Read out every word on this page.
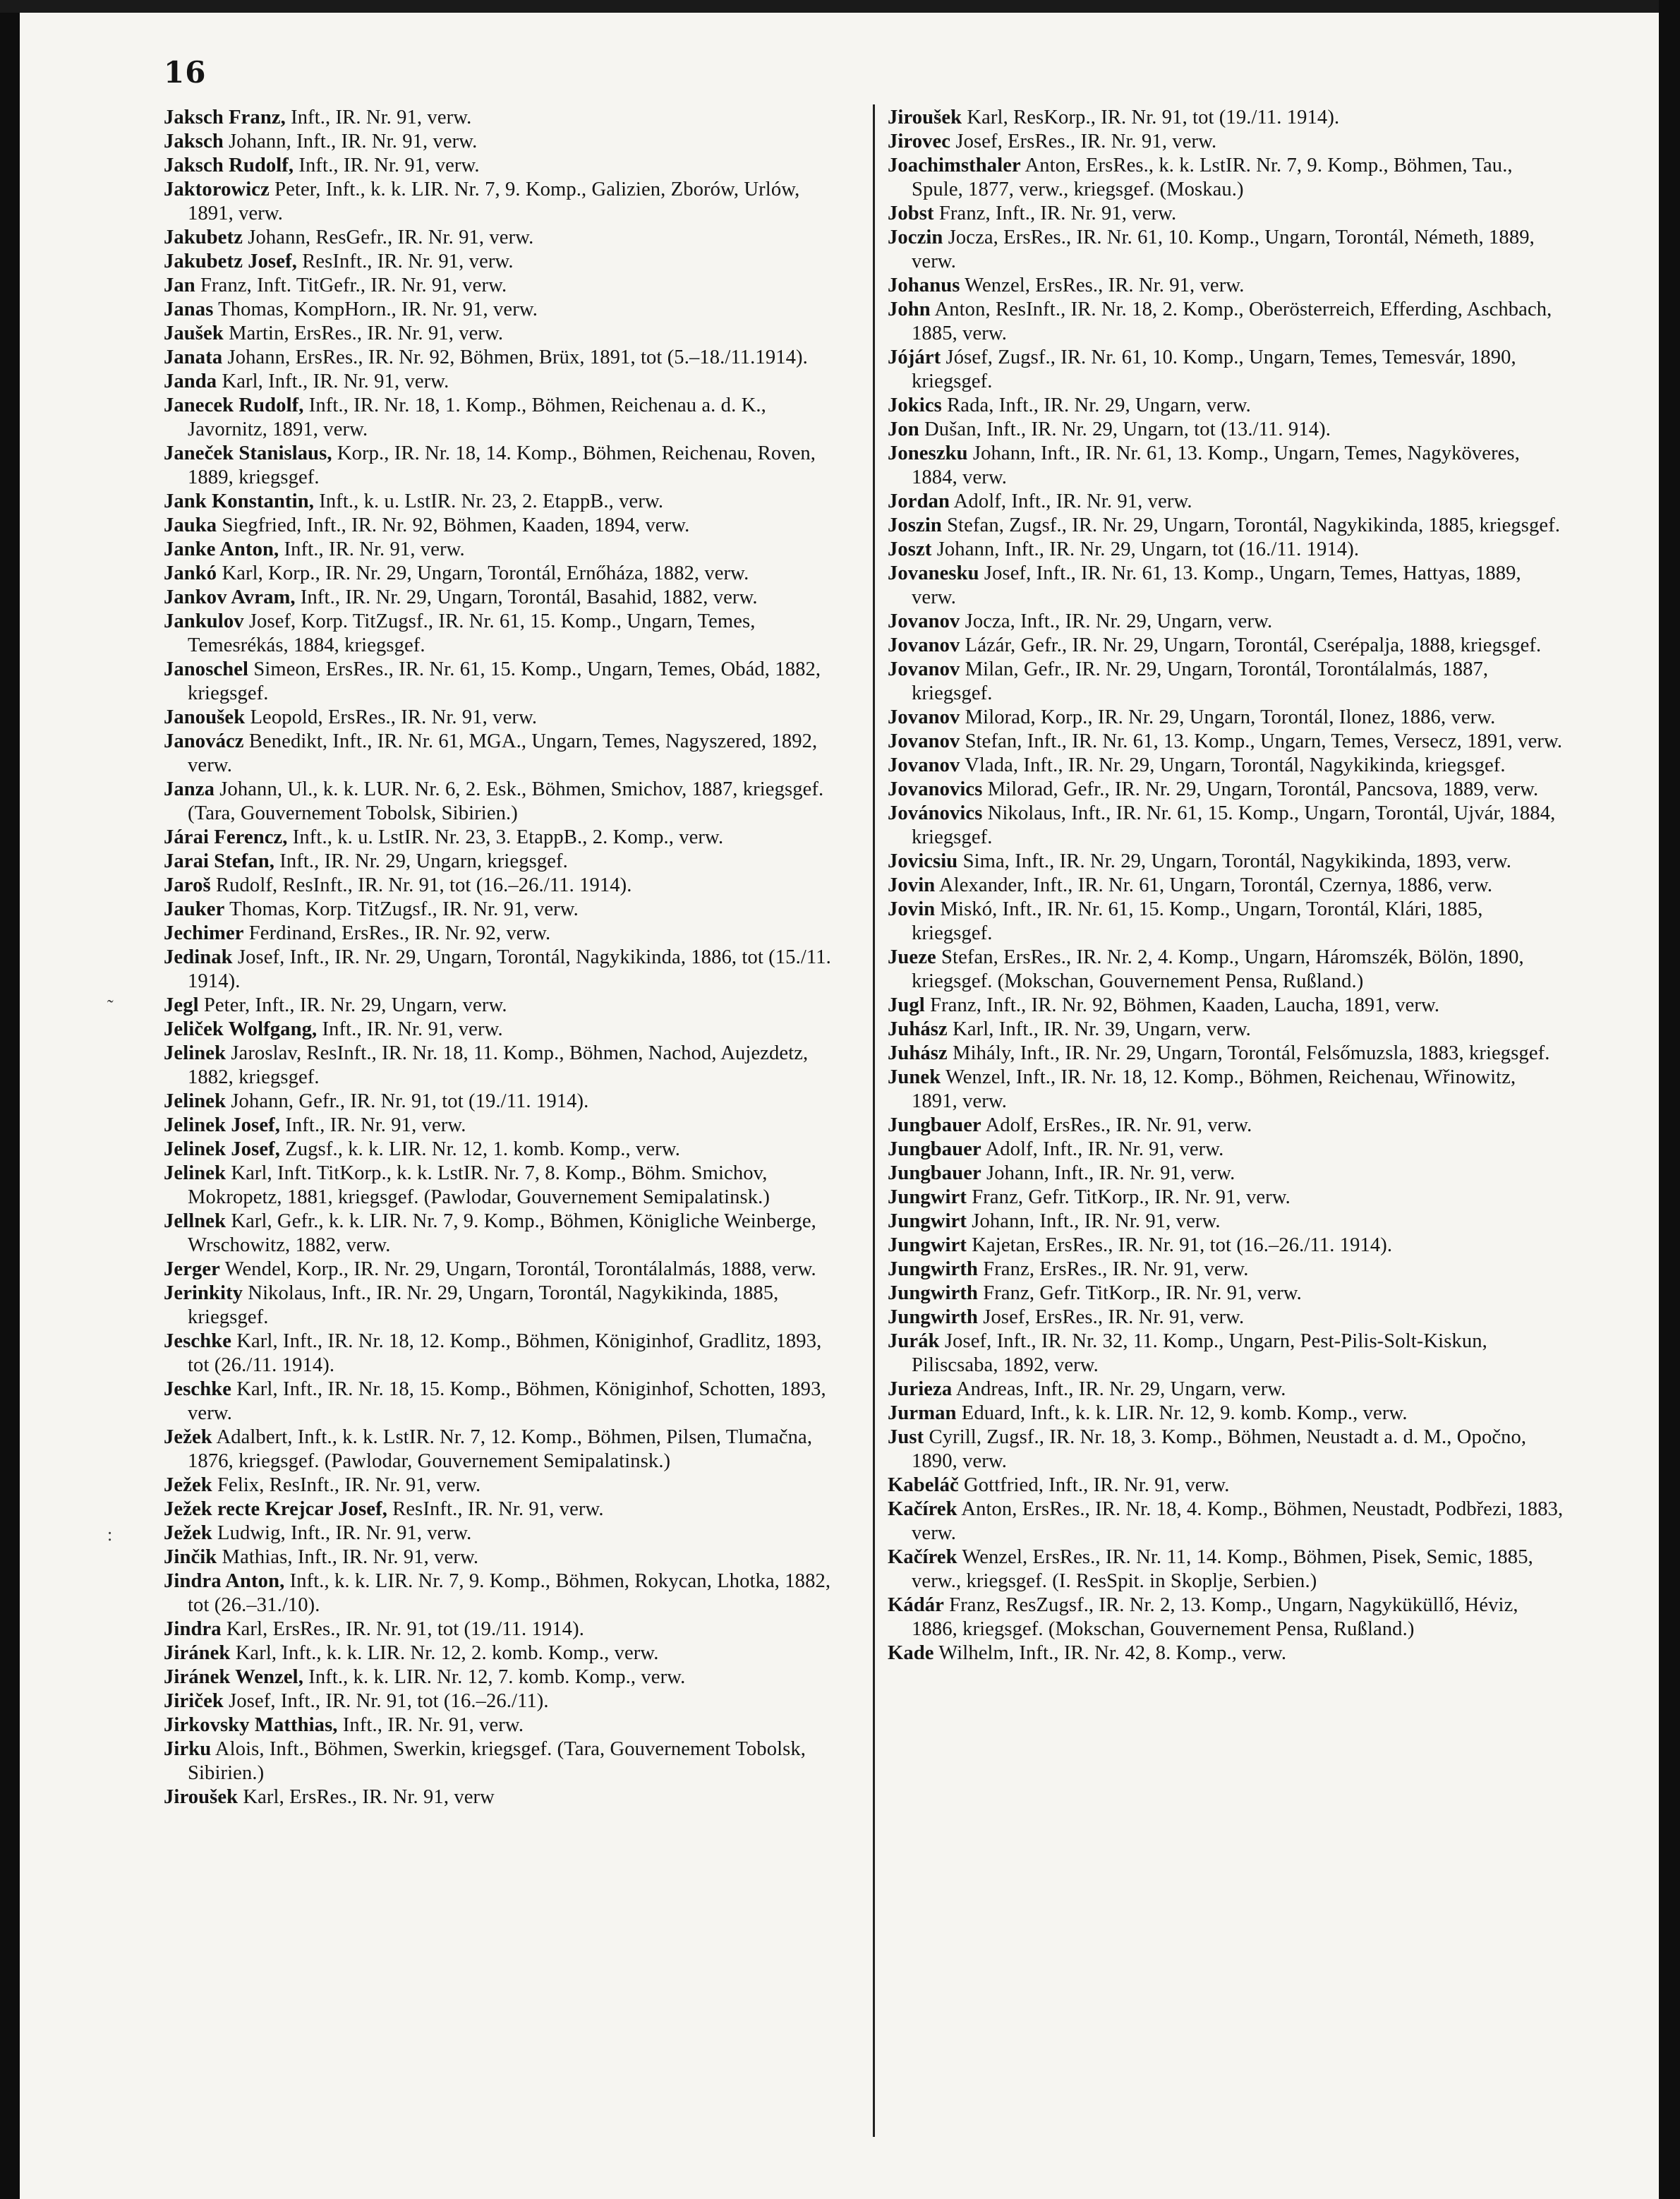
16

Jaksch Franz, Inft., IR. Nr. 91, verw.

Jaksch Johann, Inft., IR. Nr. 91, verw.

Jaksch Rudolf, Inft., IR. Nr. 91, verw.

Jaktorowicz Peter, Inft., k. k. LIR. Nr. 7, 9. Komp., Galizien, Zborów, Urlów, 1891, verw.

Jakubetz Johann, ResGefr., IR. Nr. 91, verw.

Jakubetz Josef, ResInft., IR. Nr. 91, verw.

Jan Franz, Inft. TitGefr., IR. Nr. 91, verw.

Janas Thomas, KompHorn., IR. Nr. 91, verw.

Jaušek Martin, ErsRes., IR. Nr. 91, verw.

Janata Johann, ErsRes., IR. Nr. 92, Böhmen, Brüx, 1891, tot (5.–18./11.1914).

Janda Karl, Inft., IR. Nr. 91, verw.

Janecek Rudolf, Inft., IR. Nr. 18, 1. Komp., Böhmen, Reichenau a. d. K., Javornitz, 1891, verw.

Janeček Stanislaus, Korp., IR. Nr. 18, 14. Komp., Böhmen, Reichenau, Roven, 1889, kriegsgef.

Jank Konstantin, Inft., k. u. LstIR. Nr. 23, 2. EtappB., verw.

Jauka Siegfried, Inft., IR. Nr. 92, Böhmen, Kaaden, 1894, verw.

Janke Anton, Inft., IR. Nr. 91, verw.

Jankó Karl, Korp., IR. Nr. 29, Ungarn, Torontál, Ernőháza, 1882, verw.

Jankov Avram, Inft., IR. Nr. 29, Ungarn, Torontál, Basahid, 1882, verw.

Jankulov Josef, Korp. TitZugsf., IR. Nr. 61, 15. Komp., Ungarn, Temes, Temesrékás, 1884, kriegsgef.

Janoschel Simeon, ErsRes., IR. Nr. 61, 15. Komp., Ungarn, Temes, Obád, 1882, kriegsgef.

Janoušek Leopold, ErsRes., IR. Nr. 91, verw.

Janovácz Benedikt, Inft., IR. Nr. 61, MGA., Ungarn, Temes, Nagyszered, 1892, verw.

Janza Johann, Ul., k. k. LUR. Nr. 6, 2. Esk., Böhmen, Smichov, 1887, kriegsgef. (Tara, Gouvernement Tobolsk, Sibirien.)

Járai Ferencz, Inft., k. u. LstIR. Nr. 23, 3. EtappB., 2. Komp., verw.

Jarai Stefan, Inft., IR. Nr. 29, Ungarn, kriegsgef.

Jaroš Rudolf, ResInft., IR. Nr. 91, tot (16.–26./11. 1914).

Jauker Thomas, Korp. TitZugsf., IR. Nr. 91, verw.

Jechimer Ferdinand, ErsRes., IR. Nr. 92, verw.

Jedinak Josef, Inft., IR. Nr. 29, Ungarn, Torontál, Nagykikinda, 1886, tot (15./11. 1914).

Jegl Peter, Inft., IR. Nr. 29, Ungarn, verw.

Jeliček Wolfgang, Inft., IR. Nr. 91, verw.

Jelinek Jaroslav, ResInft., IR. Nr. 18, 11. Komp., Böhmen, Nachod, Aujezdetz, 1882, kriegsgef.

Jelinek Johann, Gefr., IR. Nr. 91, tot (19./11. 1914).

Jelinek Josef, Inft., IR. Nr. 91, verw.

Jelinek Josef, Zugsf., k. k. LIR. Nr. 12, 1. komb. Komp., verw.

Jelinek Karl, Inft. TitKorp., k. k. LstIR. Nr. 7, 8. Komp., Böhm. Smichov, Mokropetz, 1881, kriegsgef. (Pawlodar, Gouvernement Semipalatinsk.)

Jellnek Karl, Gefr., k. k. LIR. Nr. 7, 9. Komp., Böhmen, Königliche Weinberge, Wrschowitz, 1882, verw.

Jerger Wendel, Korp., IR. Nr. 29, Ungarn, Torontál, Torontálalmás, 1888, verw.

Jerinkity Nikolaus, Inft., IR. Nr. 29, Ungarn, Torontál, Nagykikinda, 1885, kriegsgef.

Jeschke Karl, Inft., IR. Nr. 18, 12. Komp., Böhmen, Königinhof, Gradlitz, 1893, tot (26./11. 1914).

Jeschke Karl, Inft., IR. Nr. 18, 15. Komp., Böhmen, Königinhof, Schotten, 1893, verw.

Ježek Adalbert, Inft., k. k. LstIR. Nr. 7, 12. Komp., Böhmen, Pilsen, Tlumačna, 1876, kriegsgef. (Pawlodar, Gouvernement Semipalatinsk.)

Ježek Felix, ResInft., IR. Nr. 91, verw.

Ježek recte Krejcar Josef, ResInft., IR. Nr. 91, verw.

Ježek Ludwig, Inft., IR. Nr. 91, verw.

Jinčik Mathias, Inft., IR. Nr. 91, verw.

Jindra Anton, Inft., k. k. LIR. Nr. 7, 9. Komp., Böhmen, Rokycan, Lhotka, 1882, tot (26.–31./10).

Jindra Karl, ErsRes., IR. Nr. 91, tot (19./11. 1914).

Jiránek Karl, Inft., k. k. LIR. Nr. 12, 2. komb. Komp., verw.

Jiránek Wenzel, Inft., k. k. LIR. Nr. 12, 7. komb. Komp., verw.

Jiriček Josef, Inft., IR. Nr. 91, tot (16.–26./11).

Jirkovsky Matthias, Inft., IR. Nr. 91, verw.

Jirku Alois, Inft., Böhmen, Swerkin, kriegsgef. (Tara, Gouvernement Tobolsk, Sibirien.)

Jiroušek Karl, ErsRes., IR. Nr. 91, verw

Jiroušek Karl, ResKorp., IR. Nr. 91, tot (19./11. 1914).

Jirovec Josef, ErsRes., IR. Nr. 91, verw.

Joachimsthaler Anton, ErsRes., k. k. LstIR. Nr. 7, 9. Komp., Böhmen, Tau., Spule, 1877, verw., kriegsgef. (Moskau.)

Jobst Franz, Inft., IR. Nr. 91, verw.

Joczin Jocza, ErsRes., IR. Nr. 61, 10. Komp., Ungarn, Torontál, Németh, 1889, verw.

Johanus Wenzel, ErsRes., IR. Nr. 91, verw.

John Anton, ResInft., IR. Nr. 18, 2. Komp., Oberösterreich, Efferding, Aschbach, 1885, verw.

Jójárt Jósef, Zugsf., IR. Nr. 61, 10. Komp., Ungarn, Temes, Temesvár, 1890, kriegsgef.

Jokics Rada, Inft., IR. Nr. 29, Ungarn, verw.

Jon Dušan, Inft., IR. Nr. 29, Ungarn, tot (13./11. 914).

Joneszku Johann, Inft., IR. Nr. 61, 13. Komp., Ungarn, Temes, Nagyköveres, 1884, verw.

Jordan Adolf, Inft., IR. Nr. 91, verw.

Joszin Stefan, Zugsf., IR. Nr. 29, Ungarn, Torontál, Nagykikinda, 1885, kriegsgef.

Joszt Johann, Inft., IR. Nr. 29, Ungarn, tot (16./11. 1914).

Jovanesku Josef, Inft., IR. Nr. 61, 13. Komp., Ungarn, Temes, Hattyas, 1889, verw.

Jovanov Jocza, Inft., IR. Nr. 29, Ungarn, verw.

Jovanov Lázár, Gefr., IR. Nr. 29, Ungarn, Torontál, Cserépalja, 1888, kriegsgef.

Jovanov Milan, Gefr., IR. Nr. 29, Ungarn, Torontál, Torontálalmás, 1887, kriegsgef.

Jovanov Milorad, Korp., IR. Nr. 29, Ungarn, Torontál, Ilonez, 1886, verw.

Jovanov Stefan, Inft., IR. Nr. 61, 13. Komp., Ungarn, Temes, Versecz, 1891, verw.

Jovanov Vlada, Inft., IR. Nr. 29, Ungarn, Torontál, Nagykikinda, kriegsgef.

Jovanovics Milorad, Gefr., IR. Nr. 29, Ungarn, Torontál, Pancsova, 1889, verw.

Jovánovics Nikolaus, Inft., IR. Nr. 61, 15. Komp., Ungarn, Torontál, Ujvár, 1884, kriegsgef.

Jovicsiu Sima, Inft., IR. Nr. 29, Ungarn, Torontál, Nagykikinda, 1893, verw.

Jovin Alexander, Inft., IR. Nr. 61, Ungarn, Torontál, Czernya, 1886, verw.

Jovin Miskó, Inft., IR. Nr. 61, 15. Komp., Ungarn, Torontál, Klári, 1885, kriegsgef.

Jueze Stefan, ErsRes., IR. Nr. 2, 4. Komp., Ungarn, Háromszék, Bölön, 1890, kriegsgef. (Mokschan, Gouvernement Pensa, Rußland.)

Jugl Franz, Inft., IR. Nr. 92, Böhmen, Kaaden, Laucha, 1891, verw.

Juhász Karl, Inft., IR. Nr. 39, Ungarn, verw.

Juhász Mihály, Inft., IR. Nr. 29, Ungarn, Torontál, Felsőmuzsla, 1883, kriegsgef.

Junek Wenzel, Inft., IR. Nr. 18, 12. Komp., Böhmen, Reichenau, Wřinowitz, 1891, verw.

Jungbauer Adolf, ErsRes., IR. Nr. 91, verw.

Jungbauer Adolf, Inft., IR. Nr. 91, verw.

Jungbauer Johann, Inft., IR. Nr. 91, verw.

Jungwirt Franz, Gefr. TitKorp., IR. Nr. 91, verw.

Jungwirt Johann, Inft., IR. Nr. 91, verw.

Jungwirt Kajetan, ErsRes., IR. Nr. 91, tot (16.–26./11. 1914).

Jungwirth Franz, ErsRes., IR. Nr. 91, verw.

Jungwirth Franz, Gefr. TitKorp., IR. Nr. 91, verw.

Jungwirth Josef, ErsRes., IR. Nr. 91, verw.

Jurák Josef, Inft., IR. Nr. 32, 11. Komp., Ungarn, Pest-Pilis-Solt-Kiskun, Piliscsaba, 1892, verw.

Jurieza Andreas, Inft., IR. Nr. 29, Ungarn, verw.

Jurman Eduard, Inft., k. k. LIR. Nr. 12, 9. komb. Komp., verw.

Just Cyrill, Zugsf., IR. Nr. 18, 3. Komp., Böhmen, Neustadt a. d. M., Opočno, 1890, verw.

Kabeláč Gottfried, Inft., IR. Nr. 91, verw.

Kačírek Anton, ErsRes., IR. Nr. 18, 4. Komp., Böhmen, Neustadt, Podbřezi, 1883, verw.

Kačírek Wenzel, ErsRes., IR. Nr. 11, 14. Komp., Böhmen, Pisek, Semic, 1885, verw., kriegsgef. (I. ResSpit. in Skoplje, Serbien.)

Kádár Franz, ResZugsf., IR. Nr. 2, 13. Komp., Ungarn, Nagyküküllő, Héviz, 1886, kriegsgef. (Mokschan, Gouvernement Pensa, Rußland.)

Kade Wilhelm, Inft., IR. Nr. 42, 8. Komp., verw.

˜
:
